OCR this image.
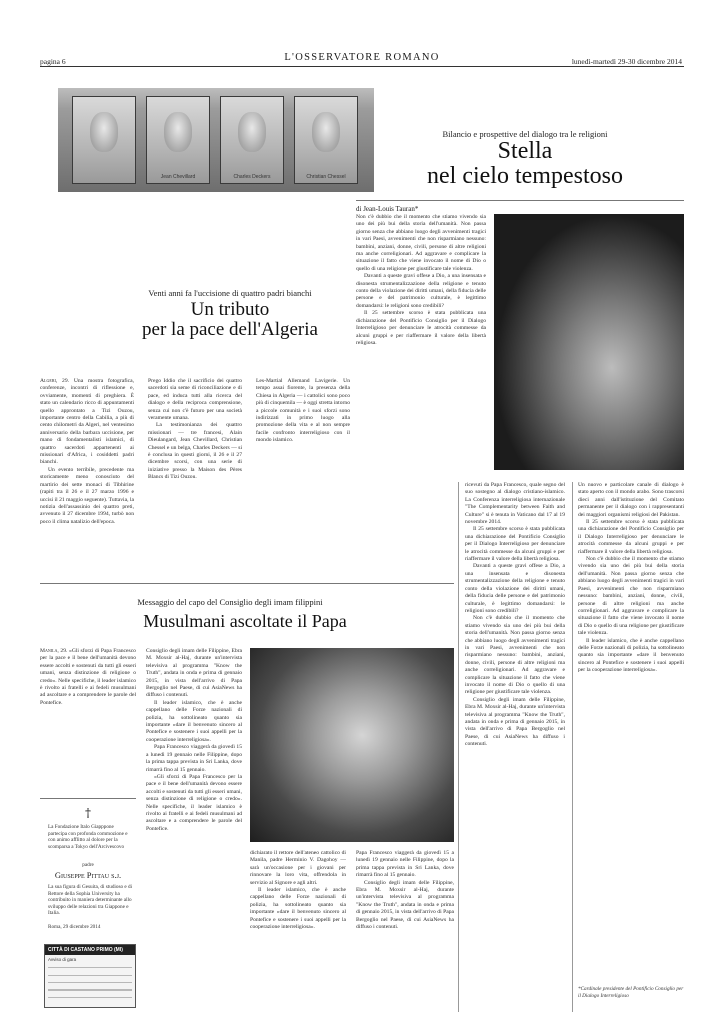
pagina 6	L'OSSERVATORE ROMANO	lunedì-martedì 29-30 dicembre 2014
Jean Chevillard	Charles Deckers	Christian Chessel
Bilancio e prospettive del dialogo tra le religioni
Stella
nel cielo tempestoso
di Jean-Louis Tauran*

Non c'è dubbio che il momento che stiamo vivendo sia uno dei più bui della storia dell'umanità. Non passa giorno senza che abbiano luogo degli avvenimenti tragici in vari Paesi, avvenimenti che non risparmiano nessuno: bambini, anziani, donne, civili, persone di altre religioni ma anche correligionari. Ad aggravare e complicare la situazione il fatto che viene invocato il nome di Dio o quello di una religione per giustificare tale violenza.

Davanti a queste gravi offese a Dio, a una insensata e disonesta strumentalizzazione della religione e tenuto conto della violazione dei diritti umani, della fiducia delle persone e del patrimonio culturale, è legittimo domandarsi: le religioni sono credibili?

Il 25 settembre scorso è stata pubblicata una dichiarazione del Pontificio Consiglio per il Dialogo Interreligioso per denunciare le atrocità commesse da alcuni gruppi e per riaffermare il valore della libertà religiosa.

Venti anni fa l'uccisione di quattro padri bianchi
Un tributo
per la pace dell'Algeria

Algeri, 29. Una mostra fotografica, conferenze, incontri di riflessione e, ovviamente, momenti di preghiera. È stato un calendario ricco di appuntamenti quello approntato a Tizi Ouzou, importante centro della Cabilia, a più di cento chilometri da Algeri, nel ventesimo anniversario della barbara uccisione, per mano di fondamentalisti islamici, di quattro sacerdoti appartenenti ai missionari d'Africa, i cosiddetti padri bianchi.

Un evento terribile, precedente ma storicamente meno conosciuto del martirio dei sette monaci di Tibhirine (rapiti tra il 26 e il 27 marzo 1996 e uccisi il 21 maggio seguente). Tuttavia, la notizia dell'assassinio dei quattro preti, avvenuto il 27 dicembre 1994, turbò non poco il clima natalizio dell'epoca.

Prego Iddio che il sacrificio dei quattro sacerdoti sia seme di riconciliazione e di pace, ed induca tutti alla ricerca del dialogo e della reciproca comprensione, senza cui non c'è futuro per una società veramente umana.

La testimonianza dei quattro missionari — tre francesi, Alain Dieulangard, Jean Chevillard, Christian Chessel e un belga, Charles Deckers — si è conclusa in questi giorni, il 26 e il 27 dicembre scorsi, con una serie di iniziative presso la Maison des Pères Blancs di Tizi Ouzou.

Les-Martial Allemand Lavigerie. Un tempo assai fiorente, la presenza della Chiesa in Algeria — i cattolici sono poco più di cinquemila — è oggi stretta intorno a piccole comunità e i suoi sforzi sono indirizzati in primo luogo alla promozione della vita e al non sempre facile confronto interreligioso con il mondo islamico.

ricevuti da Papa Francesco, quale segno del suo sostegno al dialogo cristiano-islamico. La Conferenza interreligiosa internazionale "The Complementarity between Faith and Culture" si è tenuta in Vaticano dal 17 al 19 novembre 2014.

Il 25 settembre scorso è stata pubblicata una dichiarazione del Pontificio Consiglio per il Dialogo Interreligioso per denunciare le atrocità commesse da alcuni gruppi e per riaffermare il valore della libertà religiosa.

Davanti a queste gravi offese a Dio, a una insensata e disonesta strumentalizzazione della religione e tenuto conto della violazione dei diritti umani, della fiducia delle persone e del patrimonio culturale, è legittimo domandarsi: le religioni sono credibili?

Non c'è dubbio che il momento che stiamo vivendo sia uno dei più bui della storia dell'umanità. Non passa giorno senza che abbiano luogo degli avvenimenti tragici in vari Paesi, avvenimenti che non risparmiano nessuno: bambini, anziani, donne, civili, persone di altre religioni ma anche correligionari. Ad aggravare e complicare la situazione il fatto che viene invocato il nome di Dio o quello di una religione per giustificare tale violenza.

Consiglio degli imam delle Filippine, Ebra M. Moxsir al-Haj, durante un'intervista televisiva al programma "Know the Truth", andata in onda e prima di gennaio 2015, in vista dell'arrivo di Papa Bergoglio nel Paese, di cui AsiaNews ha diffuso i contenuti.

Un nuovo e particolare canale di dialogo è stato aperto con il mondo arabo. Sono trascorsi dieci anni dall'istituzione del Comitato permanente per il dialogo con i rappresentanti dei maggiori organismi religiosi del Pakistan.

Il 25 settembre scorso è stata pubblicata una dichiarazione del Pontificio Consiglio per il Dialogo Interreligioso per denunciare le atrocità commesse da alcuni gruppi e per riaffermare il valore della libertà religiosa.

Non c'è dubbio che il momento che stiamo vivendo sia uno dei più bui della storia dell'umanità. Non passa giorno senza che abbiano luogo degli avvenimenti tragici in vari Paesi, avvenimenti che non risparmiano nessuno: bambini, anziani, donne, civili, persone di altre religioni ma anche correligionari. Ad aggravare e complicare la situazione il fatto che viene invocato il nome di Dio o quello di una religione per giustificare tale violenza.

Il leader islamico, che è anche cappellano delle Forze nazionali di polizia, ha sottolineato quanto sia importante «dare il benvenuto sincero al Pontefice e sostenere i suoi appelli per la cooperazione interreligiosa».

*Cardinale presidente del Pontificio Consiglio per il Dialogo Interreligioso
Messaggio del capo del Consiglio degli imam filippini
Musulmani ascoltate il Papa

Manila, 29. «Gli sforzi di Papa Francesco per la pace e il bene dell'umanità devono essere accolti e sostenuti da tutti gli esseri umani, senza distinzione di religione o credo». Nelle specifiche, il leader islamico è rivolto ai fratelli e ai fedeli musulmani ad ascoltare e a comprendere le parole del Pontefice.

Consiglio degli imam delle Filippine, Ebra M. Moxsir al-Haj, durante un'intervista televisiva al programma "Know the Truth", andata in onda e prima di gennaio 2015, in vista dell'arrivo di Papa Bergoglio nel Paese, di cui AsiaNews ha diffuso i contenuti.

Il leader islamico, che è anche cappellano delle Forze nazionali di polizia, ha sottolineato quanto sia importante «dare il benvenuto sincero al Pontefice e sostenere i suoi appelli per la cooperazione interreligiosa».

Papa Francesco viaggerà da giovedì 15 a lunedì 19 gennaio nelle Filippine, dopo la prima tappa prevista in Sri Lanka, dove rimarrà fino al 15 gennaio.

«Gli sforzi di Papa Francesco per la pace e il bene dell'umanità devono essere accolti e sostenuti da tutti gli esseri umani, senza distinzione di religione o credo». Nelle specifiche, il leader islamico è rivolto ai fratelli e ai fedeli musulmani ad ascoltare e a comprendere le parole del Pontefice.

dichiarato il rettore dell'ateneo cattolico di Manila, padre Herminio V. Dagohoy — sarà un'occasione per i giovani per rinnovare la loro vita, offrendola in servizio al Signore e agli altri.

Il leader islamico, che è anche cappellano delle Forze nazionali di polizia, ha sottolineato quanto sia importante «dare il benvenuto sincero al Pontefice e sostenere i suoi appelli per la cooperazione interreligiosa».

Papa Francesco viaggerà da giovedì 15 a lunedì 19 gennaio nelle Filippine, dopo la prima tappa prevista in Sri Lanka, dove rimarrà fino al 15 gennaio.

Consiglio degli imam delle Filippine, Ebra M. Moxsir al-Haj, durante un'intervista televisiva al programma "Know the Truth", andata in onda e prima di gennaio 2015, in vista dell'arrivo di Papa Bergoglio nel Paese, di cui AsiaNews ha diffuso i contenuti.

†
La Fondazione Italo Giapppone partecipa con profonda commozione e con animo afflitto al dolore per la scomparsa a Tokyo dell'Arcivescovo
padre
Giuseppe Pittau s.j.
La sua figura di Gesuita, di studioso e di Rettore della Sophia University ha contribuito in maniera determinante allo sviluppo delle relazioni tra Giappone e Italia.
Roma, 29 dicembre 2014
CITTÀ DI CASTANO PRIMO (MI)
Avviso di gara
